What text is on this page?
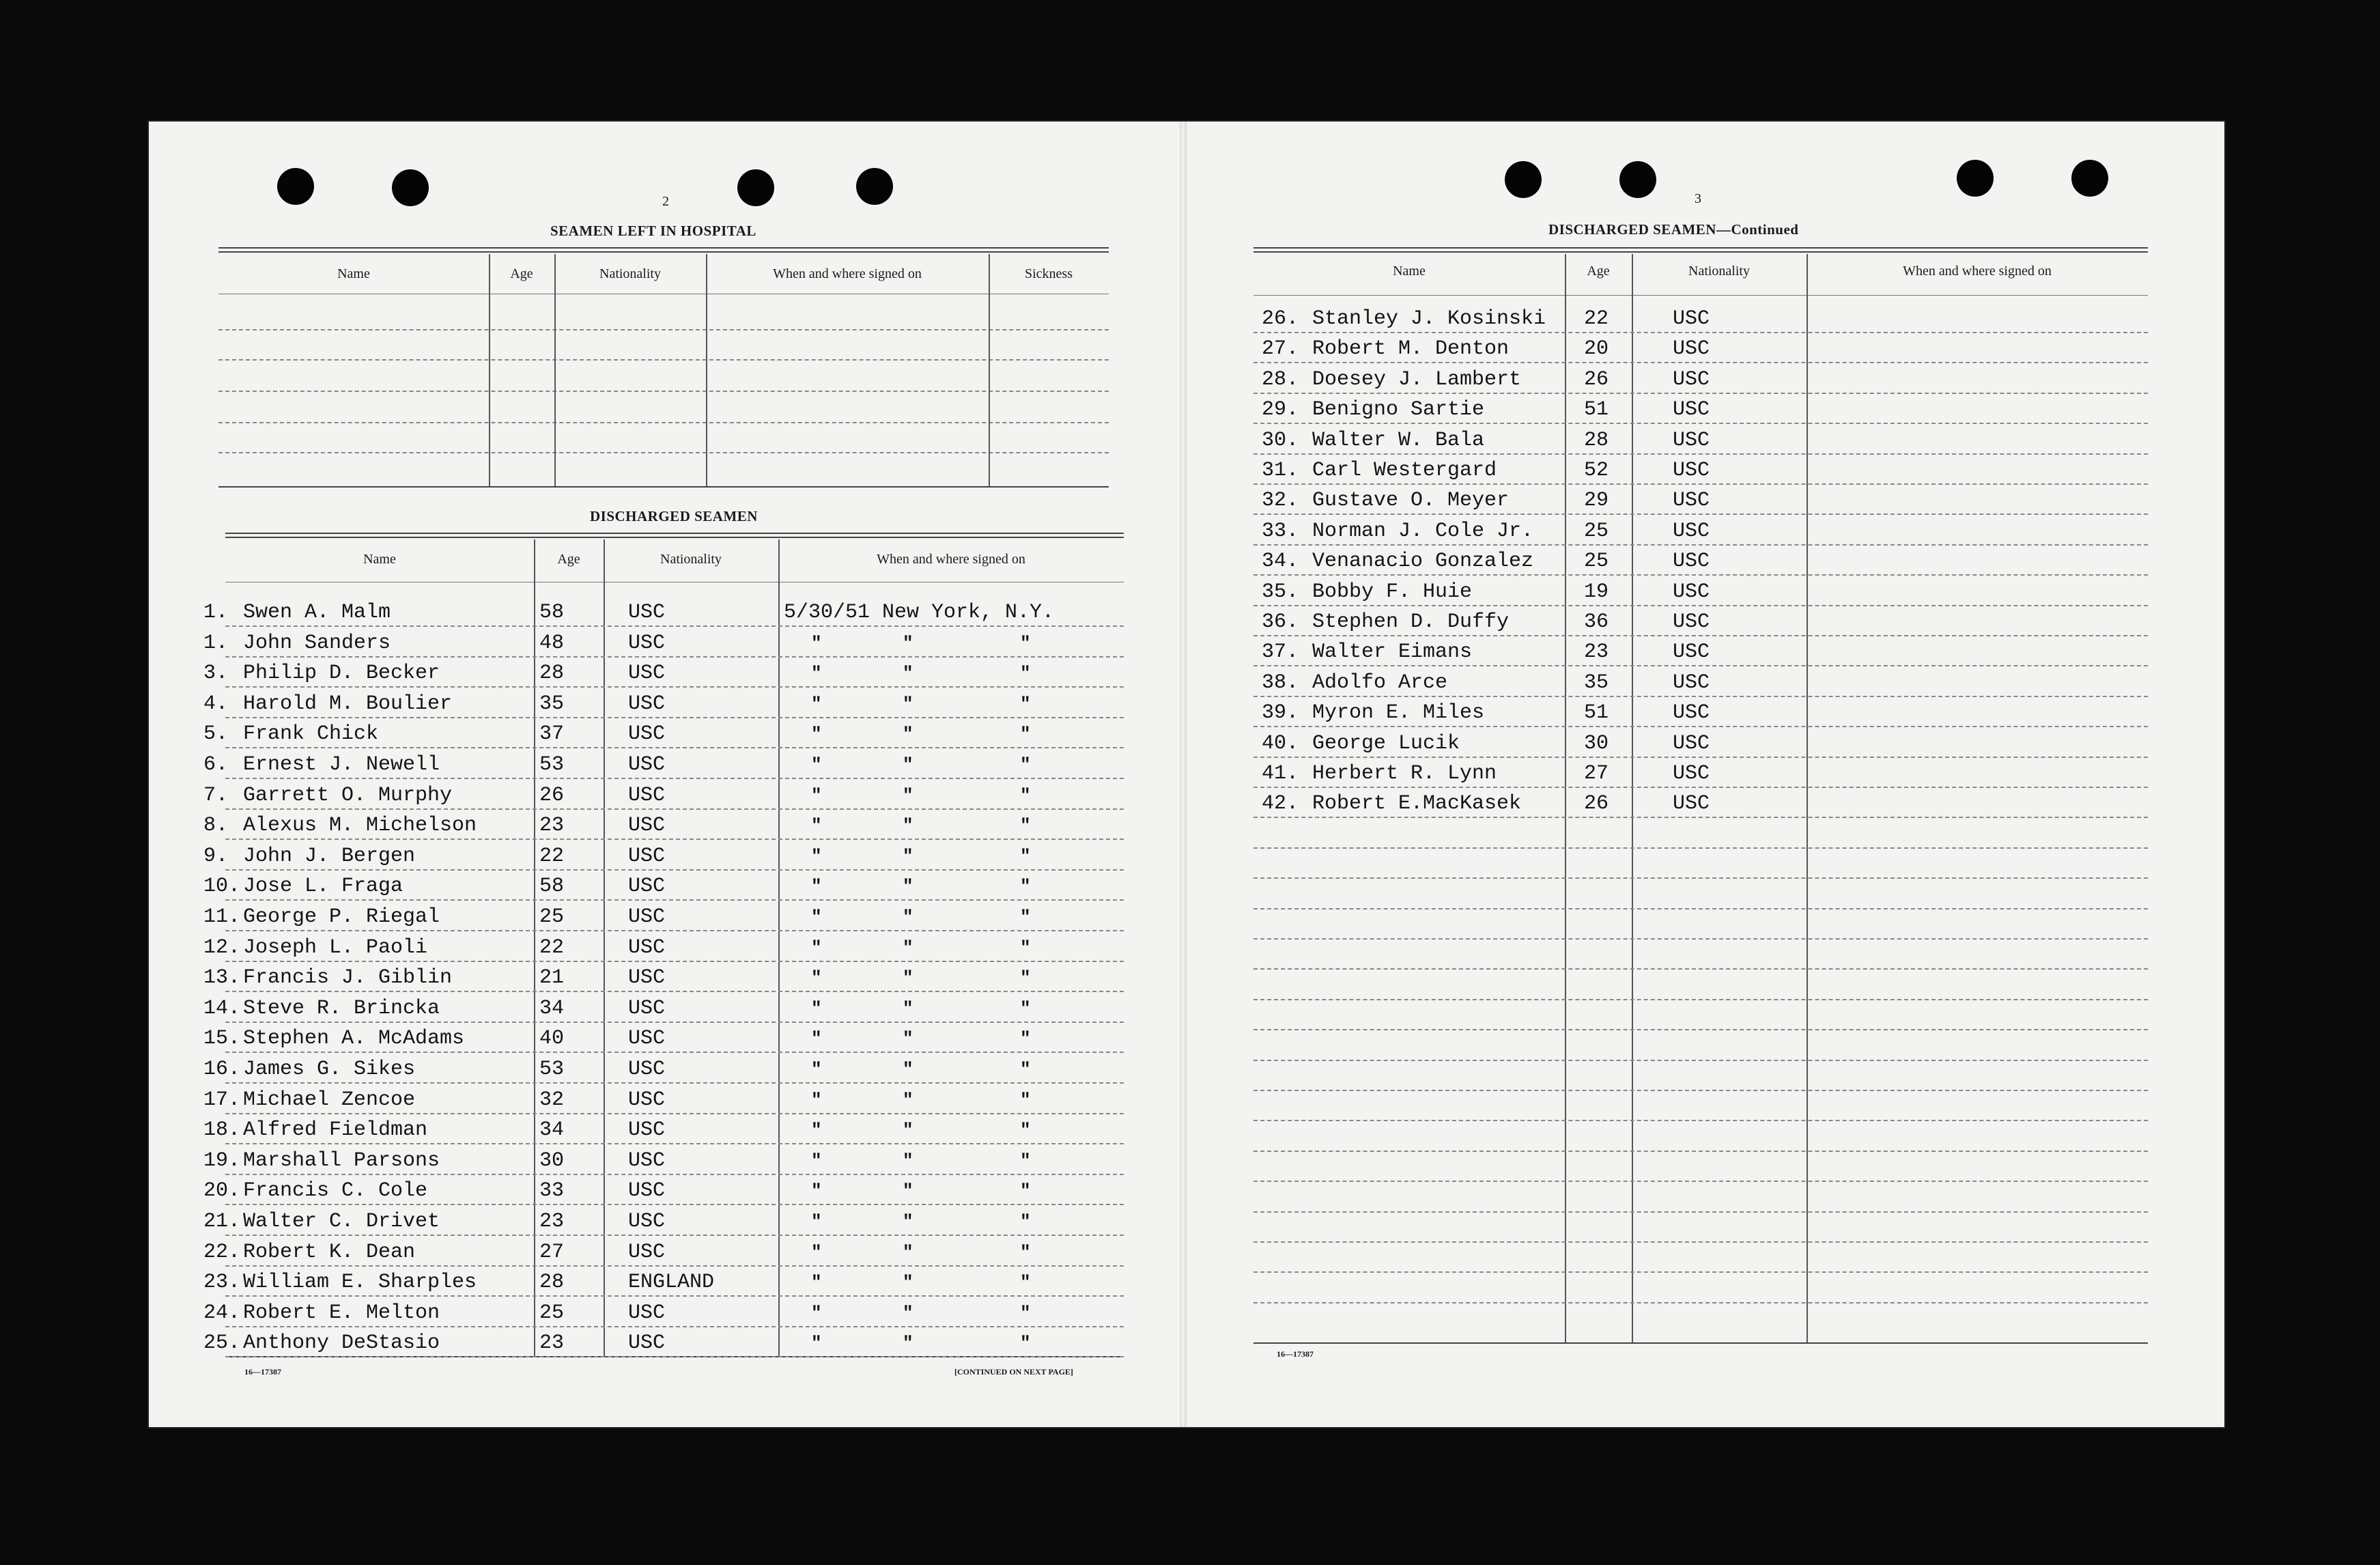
2
SEAMEN LEFT IN HOSPITAL
Name	Age	Nationality	When and where signed on	Sickness
DISCHARGED SEAMEN
Name	Age	Nationality	When and where signed on
16—17387	[CONTINUED ON NEXT PAGE]
3
DISCHARGED SEAMEN—Continued
Name	Age	Nationality	When and where signed on
16—17387
1. Swen A. Malm	58	USC	5/30/51 New York, N.Y.
1. John Sanders	48	USC	"	"	"
3. Philip D. Becker	28	USC	"	"	"
4. Harold M. Boulier	35	USC	"	"	"
5. Frank Chick	37	USC	"	"	"
6. Ernest J. Newell	53	USC	"	"	"
7. Garrett O. Murphy	26	USC	"	"	"
8. Alexus M. Michelson	23	USC	"	"	"
9. John J. Bergen	22	USC	"	"	"
10. Jose L. Fraga	58	USC	"	"	"
11. George P. Riegal	25	USC	"	"	"
12. Joseph L. Paoli	22	USC	"	"	"
13. Francis J. Giblin	21	USC	"	"	"
14. Steve R. Brincka	34	USC	"	"	"
15. Stephen A. McAdams	40	USC	"	"	"
16. James G. Sikes	53	USC	"	"	"
17. Michael Zencoe	32	USC	"	"	"
18. Alfred Fieldman	34	USC	"	"	"
19. Marshall Parsons	30	USC	"	"	"
20. Francis C. Cole	33	USC	"	"	"
21. Walter C. Drivet	23	USC	"	"	"
22. Robert K. Dean	27	USC	"	"	"
23. William E. Sharples	28	ENGLAND	"	"	"
24. Robert E. Melton	25	USC	"	"	"
25. Anthony DeStasio	23	USC	"	"	"
26. Stanley J. Kosinski 22	USC
27. Robert M. Denton	20	USC
28. Doesey J. Lambert	26	USC
29. Benigno Sartie	51	USC
30. Walter W. Bala	28	USC
31. Carl Westergard	52	USC
32. Gustave O. Meyer	29	USC
33. Norman J. Cole Jr. 25	USC
34. Venanacio Gonzalez 25	USC
35. Bobby F. Huie	19	USC
36. Stephen D. Duffy	36	USC
37. Walter Eimans	23	USC
38. Adolfo Arce	35	USC
39. Myron E. Miles	51	USC
40. George Lucik	30	USC
41. Herbert R. Lynn	27	USC
42. Robert E.MacKasek	26	USC
